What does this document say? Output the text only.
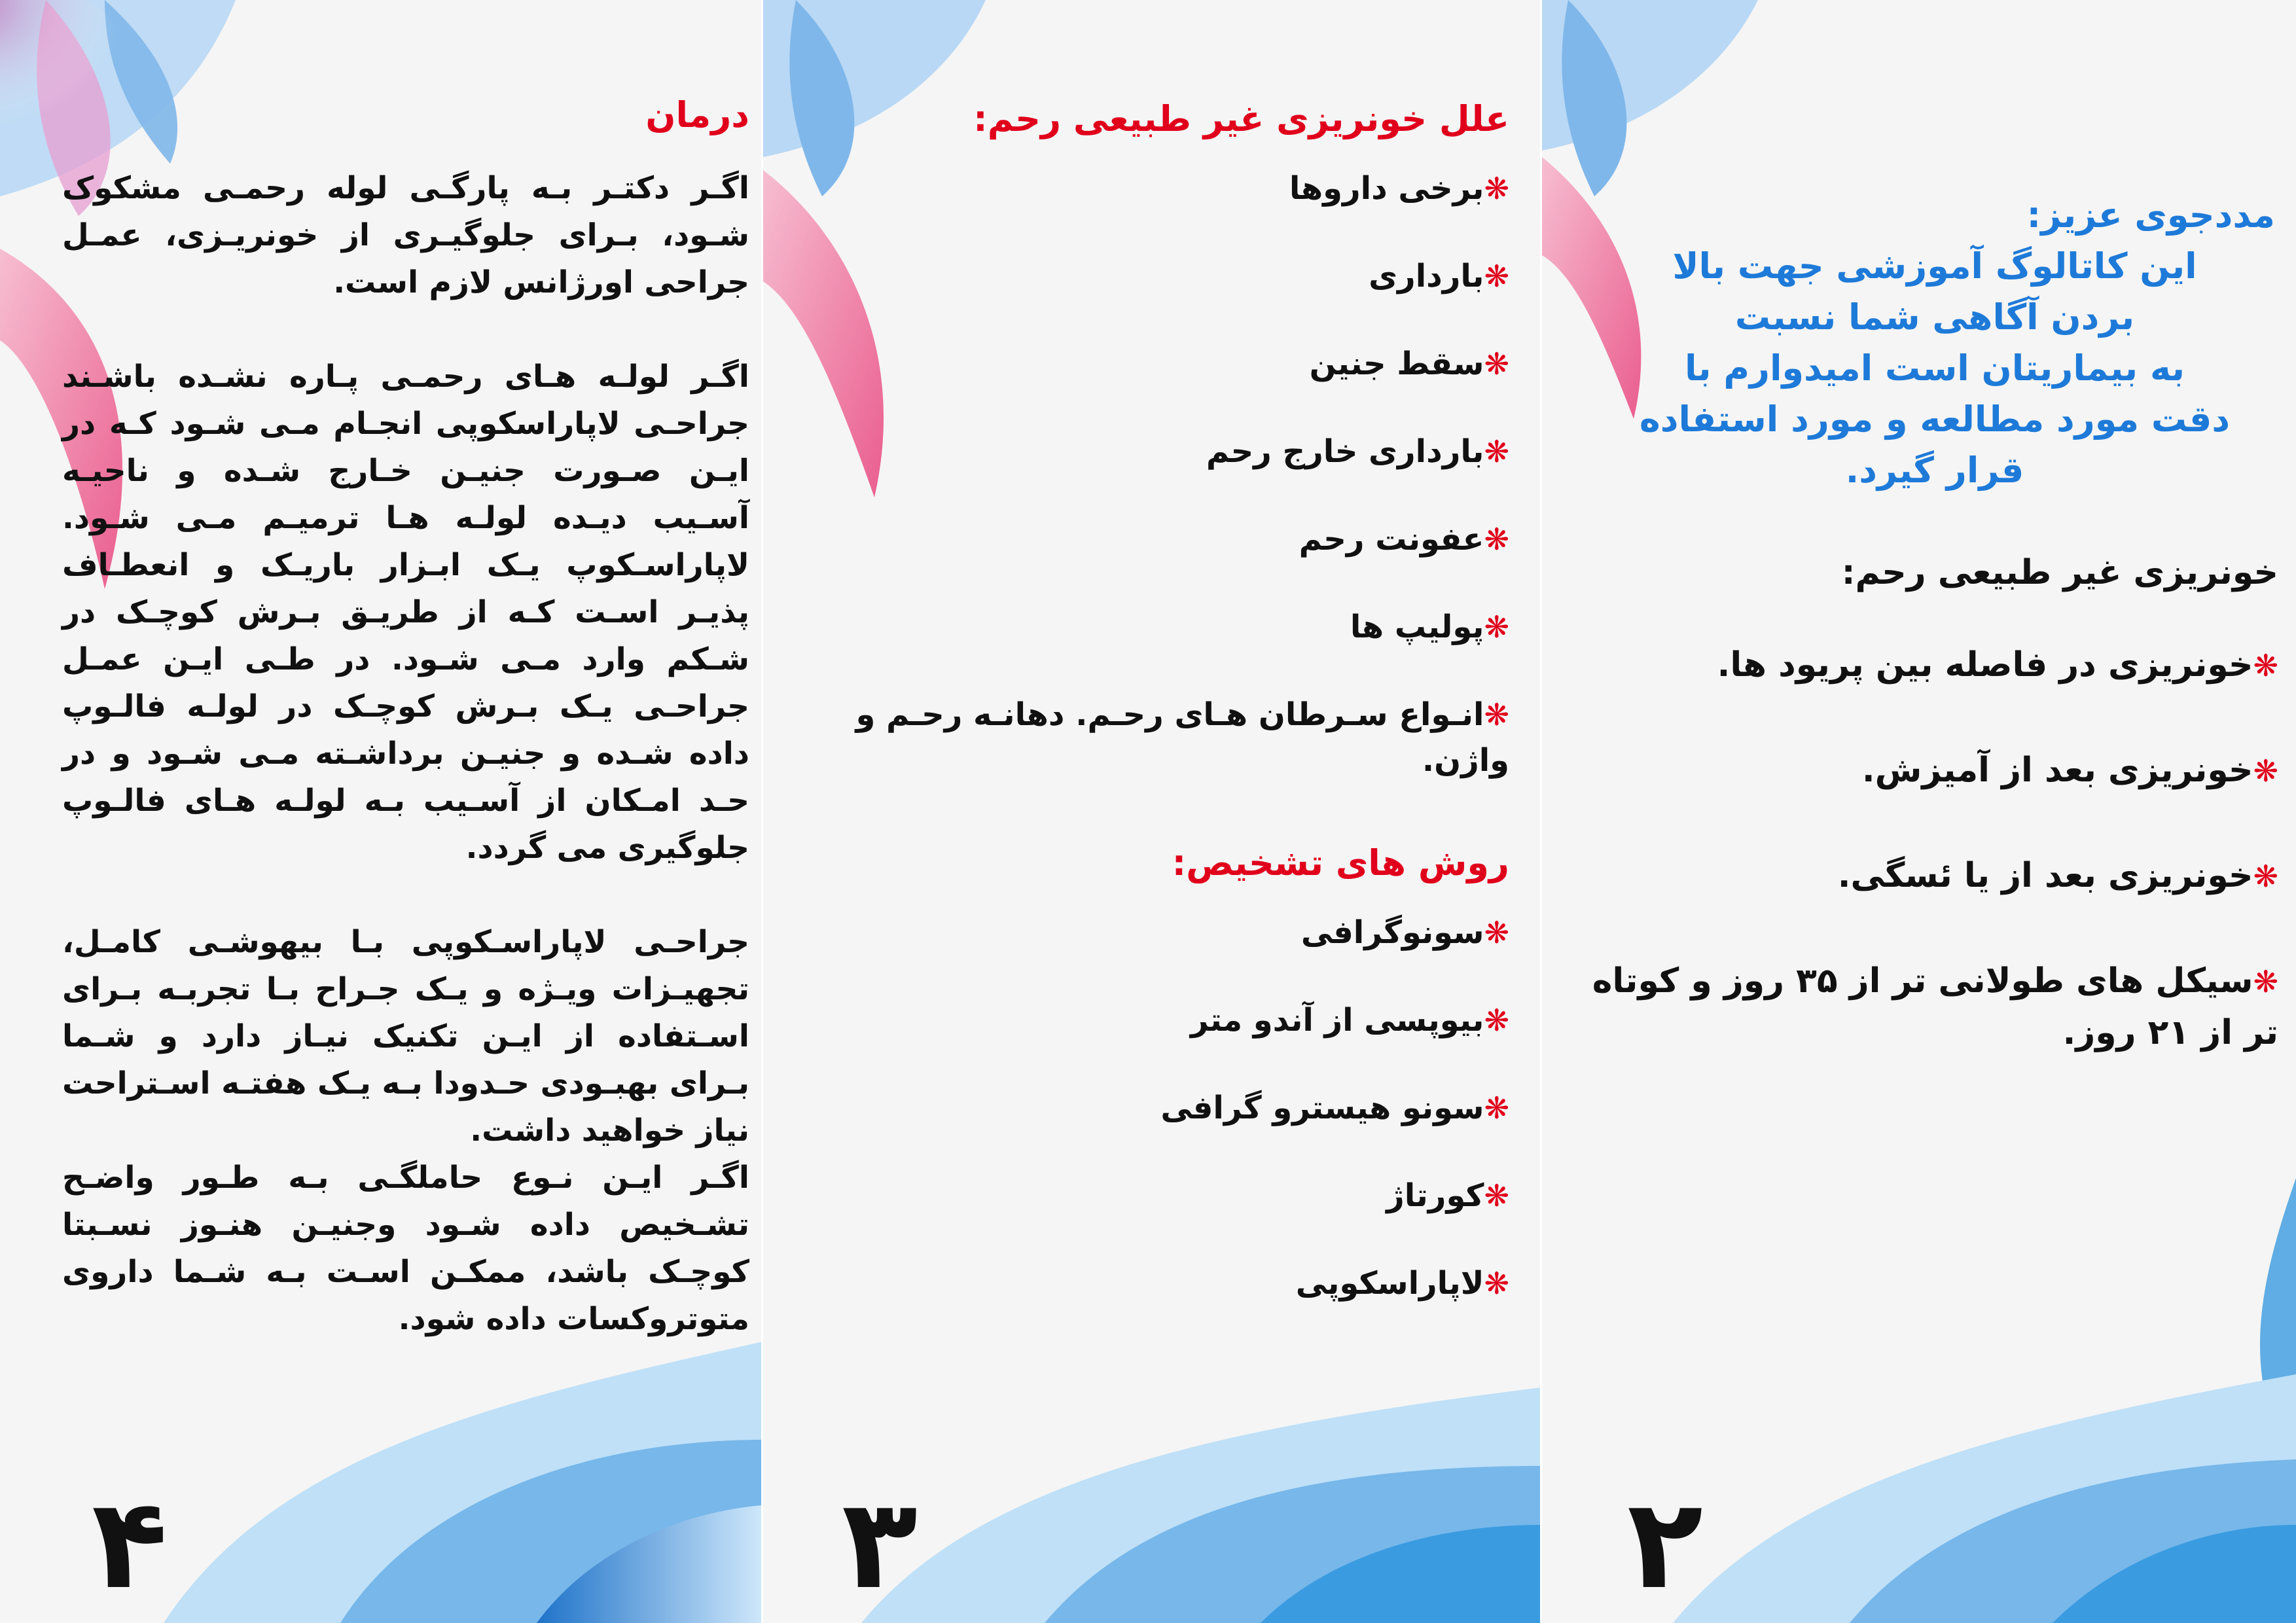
درمان

اگـر دکتـر بـه پارگـی لوله رحمـی مشکوک شـود، بـرای جلوگیـری از خونریـزی، عمـل جراحی اورژانس لازم است.

اگـر لولـه هـای رحمـی پـاره نشـده باشـند جراحـی لاپاراسکوپی انجـام مـی شـود کـه در ایـن صـورت جنیـن خـارج شـده و ناحیـه آسـیب دیـده لولـه هـا ترمیـم مـی شـود. لاپاراسـکوپ یـک ابـزار باریـک و انعطـاف پذیـر اسـت کـه از طریـق بـرش کوچـک در شـکم وارد مـی شـود. در طـی ایـن عمـل جراحـی یـک بـرش کوچـک در لولـه فالـوپ داده شـده و جنیـن برداشـته مـی شـود و در حـد امـکان از آسـیب بـه لولـه هـای فالـوپ جلوگیری می گردد.

جراحـی لاپاراسـکوپی بـا بیهوشـی کامـل، تجهیـزات ویـژه و یـک جـراح بـا تجربـه بـرای اسـتفاده از ایـن تکنیک نیـاز دارد و شـما بـرای بهبـودی حـدودا بـه یـک هفتـه اسـتراحت نیاز خواهید داشت.

اگـر ایـن نـوع حاملگـی بـه طـور واضـح تشـخیص داده شـود وجنیـن هنـوز نسـبتا کوچـک باشد، ممکـن اسـت بـه شـما داروی متوتروکسات داده شود.

۴
علل خونریزی غیر طبیعی رحم:

❋برخی داروها

❋بارداری

❋سقط جنین

❋بارداری خارج رحم

❋عفونت رحم

❋پولیپ ها

❋انـواع سـرطان هـای رحـم. دهانـه رحـم و واژن.

روش های تشخیص:

❋سونوگرافی

❋بیوپسی از آندو متر

❋سونو هیسترو گرافی

❋کورتاژ

❋لاپاراسکوپی

۳
مددجوی عزیز:
این کاتالوگ آموزشی جهت بالا
بردن آگاهی شما نسبت
به بیماریتان است امیدوارم با
دقت مورد مطالعه و مورد استفاده
قرار گیرد.
خونریزی غیر طبیعی رحم:

❋خونریزی در فاصله بین پریود ها.

❋خونریزی بعد از آمیزش.

❋خونریزی بعد از یا ئسگی.

❋سیکل های طولانی تر از ۳۵ روز و کوتاه تر از ۲۱ روز.

۲
